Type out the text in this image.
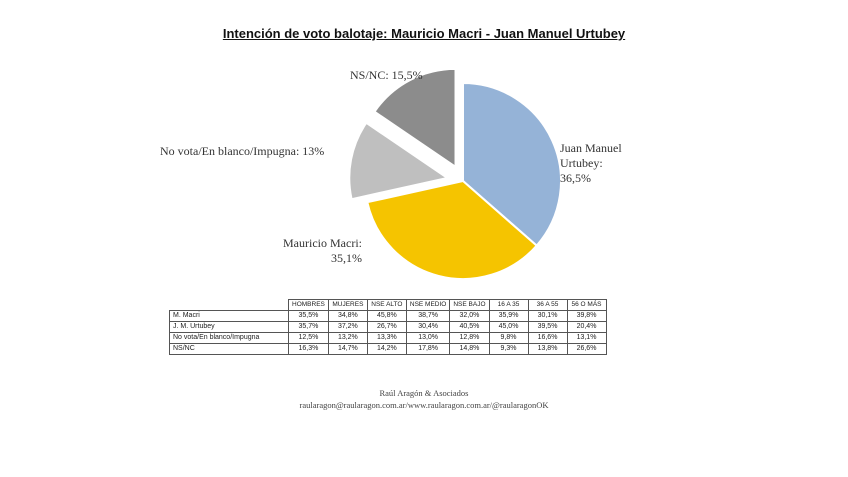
Intención de voto balotaje: Mauricio Macri - Juan Manuel Urtubey
Juan Manuel
Urtubey:
36,5%
Mauricio Macri:
35,1%
No vota/En blanco/Impugna: 13%
NS/NC: 15,5%
	HOMBRES	MUJERES	NSE ALTO	NSE MEDIO	NSE BAJO	16 A 35	36 A 55	56 O MÁS
M. Macri	35,5%	34,8%	45,8%	38,7%	32,0%	35,9%	30,1%	39,8%
J. M. Urtubey	35,7%	37,2%	26,7%	30,4%	40,5%	45,0%	39,5%	20,4%
No vota/En blanco/Impugna	12,5%	13,2%	13,3%	13,0%	12,8%	9,8%	16,6%	13,1%
NS/NC	16,3%	14,7%	14,2%	17,8%	14,8%	9,3%	13,8%	26,6%
Raúl Aragón & Asociados
raularagon@raularagon.com.ar/www.raularagon.com.ar/@raularagonOK
